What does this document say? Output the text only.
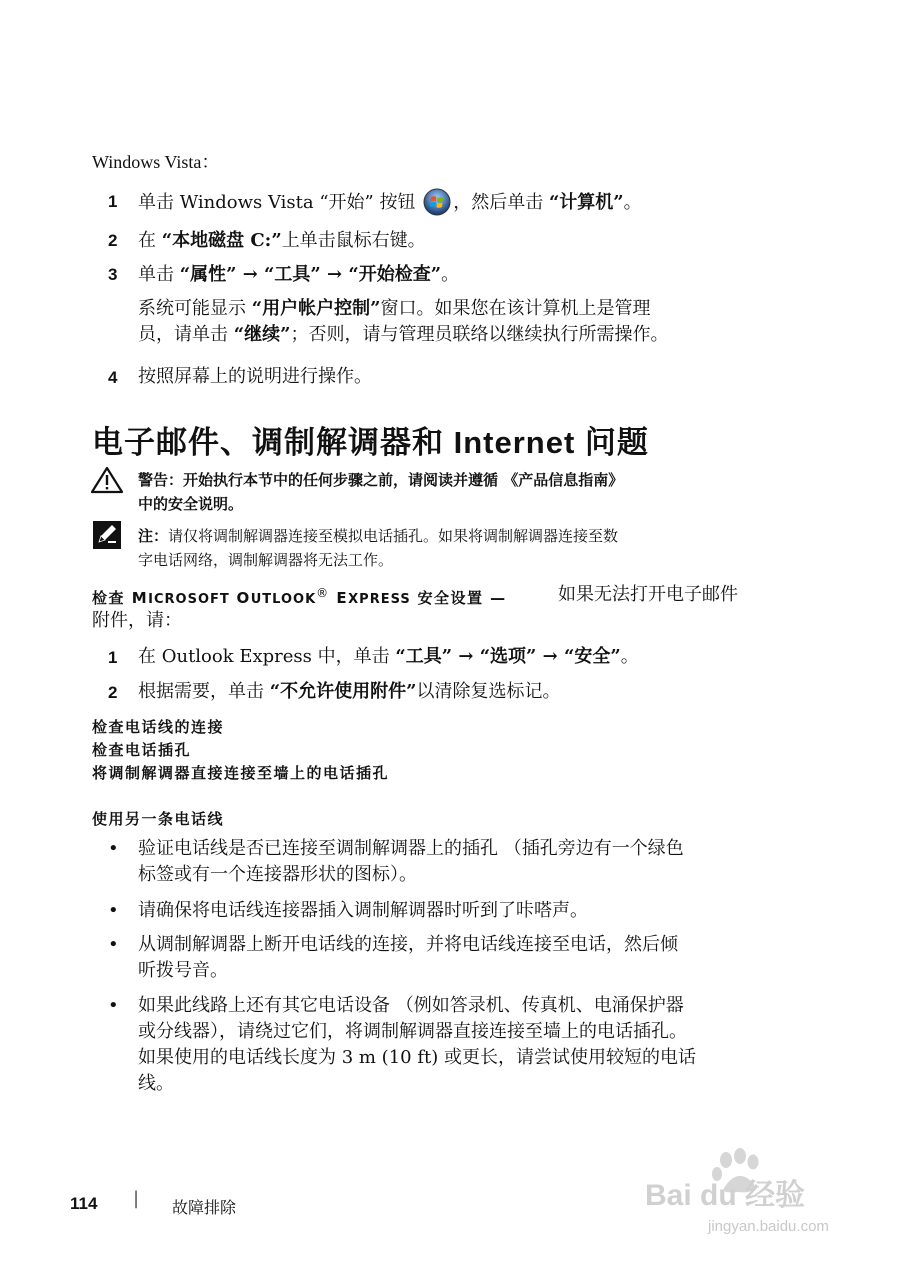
Windows Vista：
1 单击 Windows Vista “开始” 按钮 ，然后单击 “计算机”。
2 在 “本地磁盘 C:”上单击鼠标右键。
3 单击 “属性” → “工具” → “开始检查”。
系统可能显示 “用户帐户控制”窗口。如果您在该计算机上是管理
员，请单击 “继续”；否则，请与管理员联络以继续执行所需操作。
4 按照屏幕上的说明进行操作。
电子邮件、调制解调器和 Internet 问题
警告：开始执行本节中的任何步骤之前，请阅读并遵循 《产品信息指南》
中的安全说明。
注：请仅将调制解调器连接至模拟电话插孔。如果将调制解调器连接至数
字电话网络，调制解调器将无法工作。
检查 MICROSOFT OUTLOOK® EXPRESS 安全设置 —	如果无法打开电子邮件
附件，请：
1 在 Outlook Express 中，单击 “工具” → “选项” → “安全”。
2 根据需要，单击 “不允许使用附件”以清除复选标记。
检查电话线的连接
检查电话插孔
将调制解调器直接连接至墙上的电话插孔
使用另一条电话线
• 验证电话线是否已连接至调制解调器上的插孔 （插孔旁边有一个绿色
标签或有一个连接器形状的图标）。
• 请确保将电话线连接器插入调制解调器时听到了咔嗒声。
• 从调制解调器上断开电话线的连接，并将电话线连接至电话，然后倾
听拨号音。
• 如果此线路上还有其它电话设备 （例如答录机、传真机、电涌保护器
或分线器），请绕过它们，将调制解调器直接连接至墙上的电话插孔。
如果使用的电话线长度为 3 m (10 ft) 或更长，请尝试使用较短的电话
线。
114 | 故障排除	Bai du 经验
jingyan.baidu.com
